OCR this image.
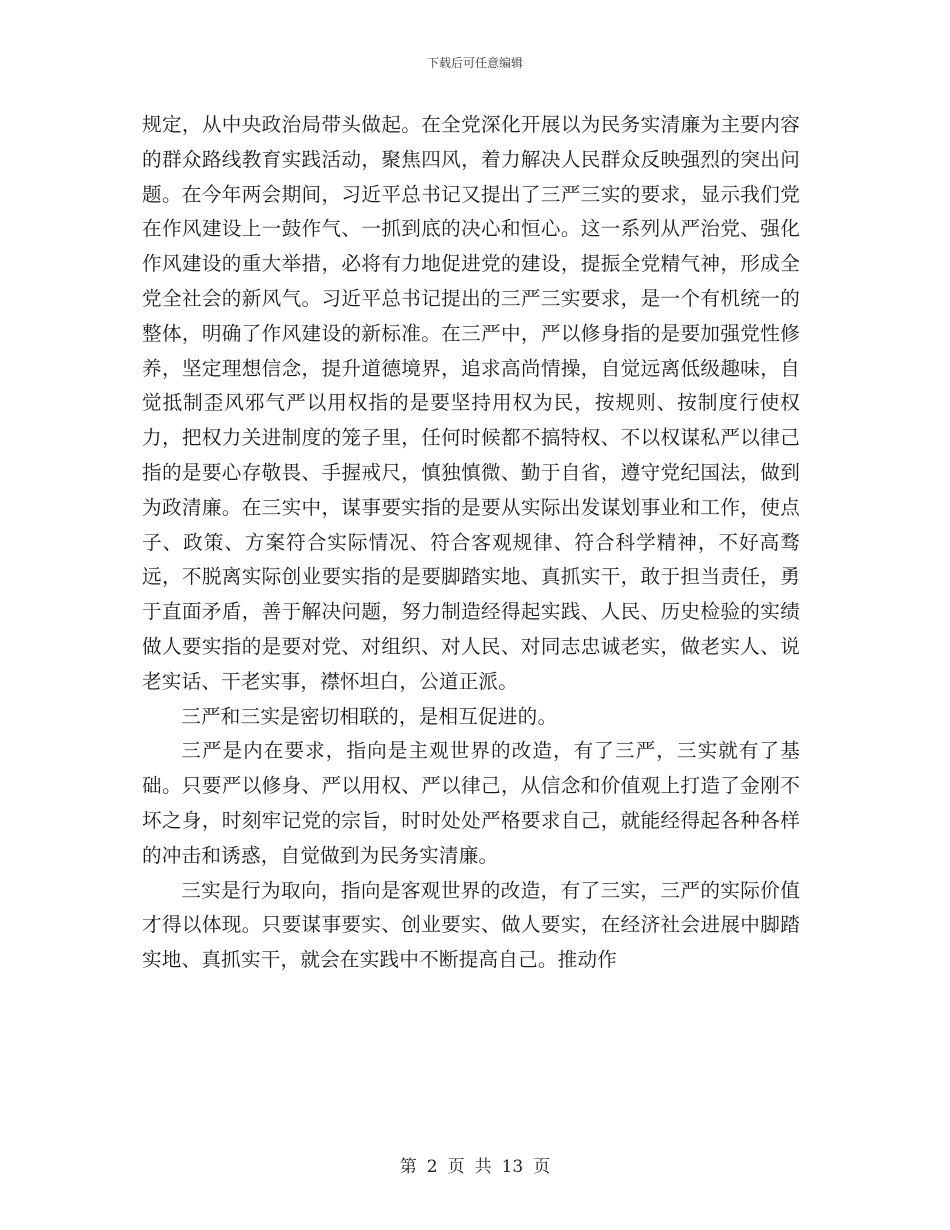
下载后可任意编辑

规定，从中央政治局带头做起。在全党深化开展以为民务实清廉为主要内容的群众路线教育实践活动，聚焦四风，着力解决人民群众反映强烈的突出问题。在今年两会期间，习近平总书记又提出了三严三实的要求，显示我们党在作风建设上一鼓作气、一抓到底的决心和恒心。这一系列从严治党、强化作风建设的重大举措，必将有力地促进党的建设，提振全党精气神，形成全党全社会的新风气。习近平总书记提出的三严三实要求，是一个有机统一的整体，明确了作风建设的新标准。在三严中，严以修身指的是要加强党性修养，坚定理想信念，提升道德境界，追求高尚情操，自觉远离低级趣味，自觉抵制歪风邪气严以用权指的是要坚持用权为民，按规则、按制度行使权力，把权力关进制度的笼子里，任何时候都不搞特权、不以权谋私严以律己指的是要心存敬畏、手握戒尺，慎独慎微、勤于自省，遵守党纪国法，做到为政清廉。在三实中，谋事要实指的是要从实际出发谋划事业和工作，使点子、政策、方案符合实际情况、符合客观规律、符合科学精神，不好高骛远，不脱离实际创业要实指的是要脚踏实地、真抓实干，敢于担当责任，勇于直面矛盾，善于解决问题，努力制造经得起实践、人民、历史检验的实绩做人要实指的是要对党、对组织、对人民、对同志忠诚老实，做老实人、说老实话、干老实事，襟怀坦白，公道正派。

三严和三实是密切相联的，是相互促进的。

三严是内在要求，指向是主观世界的改造，有了三严，三实就有了基础。只要严以修身、严以用权、严以律己，从信念和价值观上打造了金刚不坏之身，时刻牢记党的宗旨，时时处处严格要求自己，就能经得起各种各样的冲击和诱惑，自觉做到为民务实清廉。

三实是行为取向，指向是客观世界的改造，有了三实，三严的实际价值才得以体现。只要谋事要实、创业要实、做人要实，在经济社会进展中脚踏实地、真抓实干，就会在实践中不断提高自己。推动作

第 2 页 共 13 页
